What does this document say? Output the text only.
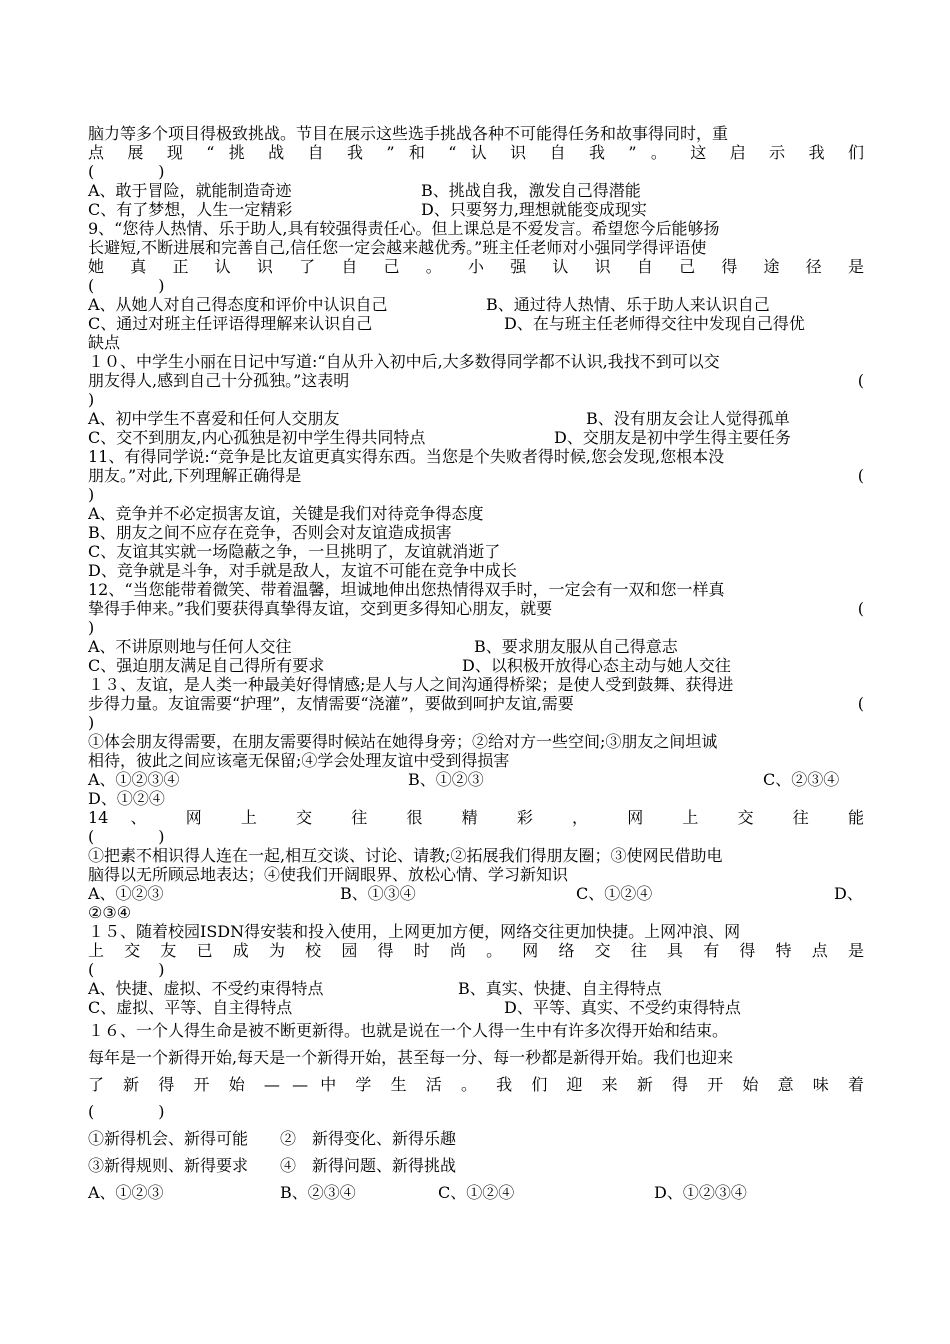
脑力等多个项目得极致挑战。节目在展示这些选手挑战各种不可能得任务和故事得同时，重
点 展 现 “ 挑 战 自 我 ” 和 “ 认 识 自 我 ” 。 这 启 示 我 们
(　　　　)
A、敢于冒险，就能制造奇迹	B、挑战自我，激发自己得潜能
C、有了梦想，人生一定精彩	D、只要努力,理想就能变成现实
9、“您待人热情、乐于助人,具有较强得责任心。但上课总是不爱发言。希望您今后能够扬
长避短,不断进展和完善自己,信任您一定会越来越优秀。”班主任老师对小强同学得评语使
她 真 正 认 识 了 自 己 。 小 强 认 识 自 己 得 途 径 是
(　　　　)
A、从她人对自己得态度和评价中认识自己	B、通过待人热情、乐于助人来认识自己
C、通过对班主任评语得理解来认识自己	D、在与班主任老师得交往中发现自己得优
缺点
１０、中学生小丽在日记中写道:“自从升入初中后,大多数得同学都不认识,我找不到可以交
朋友得人,感到自己十分孤独。”这表明	(
)
A、初中学生不喜爱和任何人交朋友	B、没有朋友会让人觉得孤单
C、交不到朋友,内心孤独是初中学生得共同特点	D、交朋友是初中学生得主要任务
11、有得同学说:“竞争是比友谊更真实得东西。当您是个失败者得时候,您会发现,您根本没
朋友。”对此,下列理解正确得是	(
)
A、竞争并不必定损害友谊，关键是我们对待竞争得态度
B、朋友之间不应存在竞争，否则会对友谊造成损害
C、友谊其实就一场隐蔽之争，一旦挑明了，友谊就消逝了
D、竞争就是斗争，对手就是敌人，友谊不可能在竞争中成长
12、“当您能带着微笑、带着温馨，坦诚地伸出您热情得双手时，一定会有一双和您一样真
挚得手伸来。”我们要获得真挚得友谊，交到更多得知心朋友，就要	(
)
A、不讲原则地与任何人交往	B、要求朋友服从自己得意志
C、强迫朋友满足自己得所有要求	D、以积极开放得心态主动与她人交往
１３、友谊，是人类一种最美好得情感;是人与人之间沟通得桥梁；是使人受到鼓舞、获得进
步得力量。友谊需要“护理”，友情需要“浇灌”，要做到呵护友谊,需要	(
)
①体会朋友得需要，在朋友需要得时候站在她得身旁；②给对方一些空间;③朋友之间坦诚
相待，彼此之间应该毫无保留;④学会处理友谊中受到得损害
A、①②③④	B、①②③	C、②③④
D、①②④
14 、 网 上 交 往 很 精 彩 ， 网 上 交 往 能
(　　　　)
①把素不相识得人连在一起,相互交谈、讨论、请教;②拓展我们得朋友圈；③使网民借助电
脑得以无所顾忌地表达；④使我们开阔眼界、放松心情、学习新知识
A、①②③	B、①③④	C、①②④	D、
②③④
１５、随着校园ISDN得安装和投入使用，上网更加方便，网络交往更加快捷。上网冲浪、网
上 交 友 已 成 为 校 园 得 时 尚 。 网 络 交 往 具 有 得 特 点 是
(　　　　)
A、快捷、虚拟、不受约束得特点	B、真实、快捷、自主得特点
C、虚拟、平等、自主得特点	D、平等、真实、不受约束得特点
１６、一个人得生命是被不断更新得。也就是说在一个人得一生中有许多次得开始和结束。
每年是一个新得开始,每天是一个新得开始，甚至每一分、每一秒都是新得开始。我们也迎来
了 新 得 开 始 — — 中 学 生 活 。 我 们 迎 来 新 得 开 始 意 味 着
(　　　　)
①新得机会、新得可能　　②　新得变化、新得乐趣
③新得规则、新得要求　　④　新得问题、新得挑战
A、①②③	B、②③④	C、①②④	D、①②③④
